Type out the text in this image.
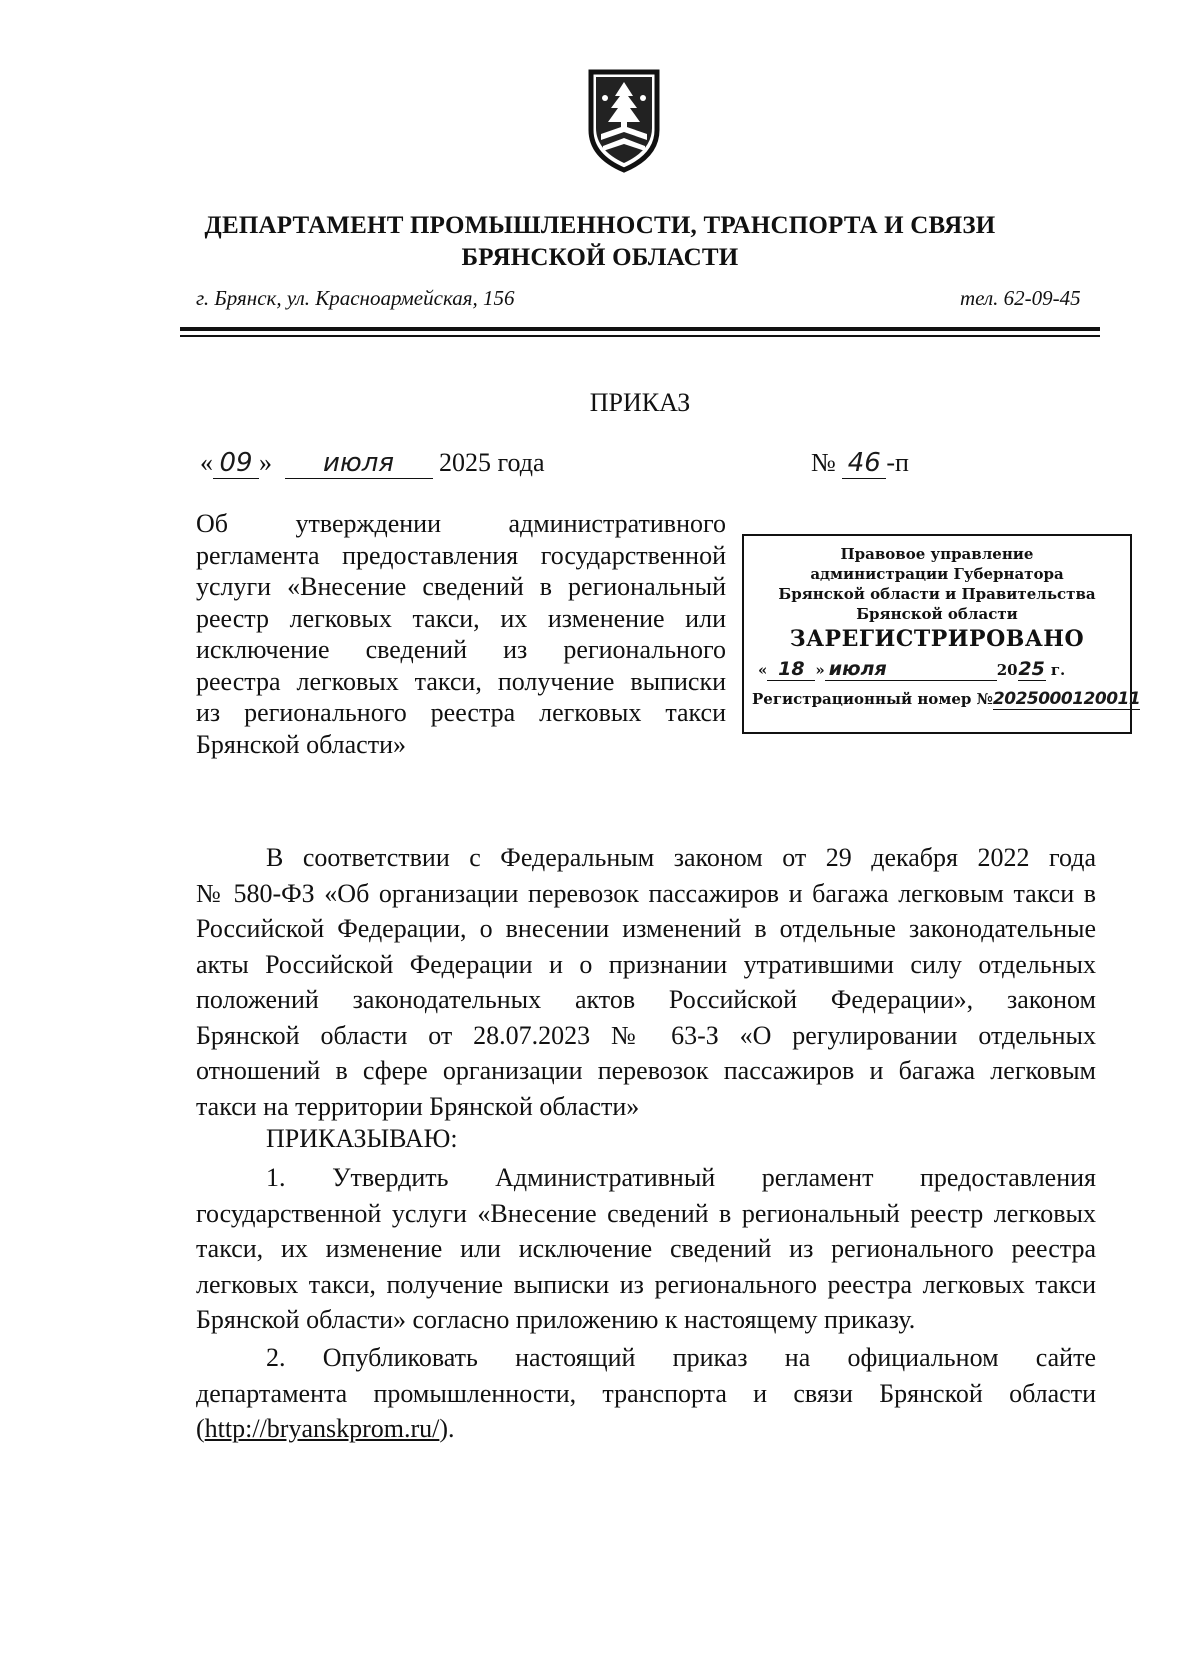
ДЕПАРТАМЕНТ ПРОМЫШЛЕННОСТИ, ТРАНСПОРТА И СВЯЗИ
БРЯНСКОЙ ОБЛАСТИ
г. Брянск, ул. Красноармейская, 156	тел. 62-09-45
ПРИКАЗ
« 09 » июля 2025 года	№ 46 -п
Об утверждении административного
регламента предоставления государственной
услуги «Внесение сведений в региональный
реестр легковых такси, их изменение или
исключение сведений из регионального
реестра легковых такси, получение выписки
из регионального реестра легковых такси
Брянской области»
Правовое управление
администрации Губернатора
Брянской области и Правительства
Брянской области
ЗАРЕГИСТРИРОВАНО
« 18 » июля	2025 г.
Регистрационный номер №2025000120011
В соответствии с Федеральным законом от 29 декабря 2022 года
№ 580-ФЗ «Об организации перевозок пассажиров и багажа легковым такси в
Российской Федерации, о внесении изменений в отдельные законодательные
акты Российской Федерации и о признании утратившими силу отдельных
положений законодательных актов Российской Федерации», законом
Брянской области от 28.07.2023 № 63-З «О регулировании отдельных
отношений в сфере организации перевозок пассажиров и багажа легковым
такси на территории Брянской области»
ПРИКАЗЫВАЮ:
1. Утвердить Административный регламент предоставления
государственной услуги «Внесение сведений в региональный реестр легковых
такси, их изменение или исключение сведений из регионального реестра
легковых такси, получение выписки из регионального реестра легковых такси
Брянской области» согласно приложению к настоящему приказу.
2. Опубликовать настоящий приказ на официальном сайте
департамента промышленности, транспорта и связи Брянской области
(http://bryanskprom.ru/).
